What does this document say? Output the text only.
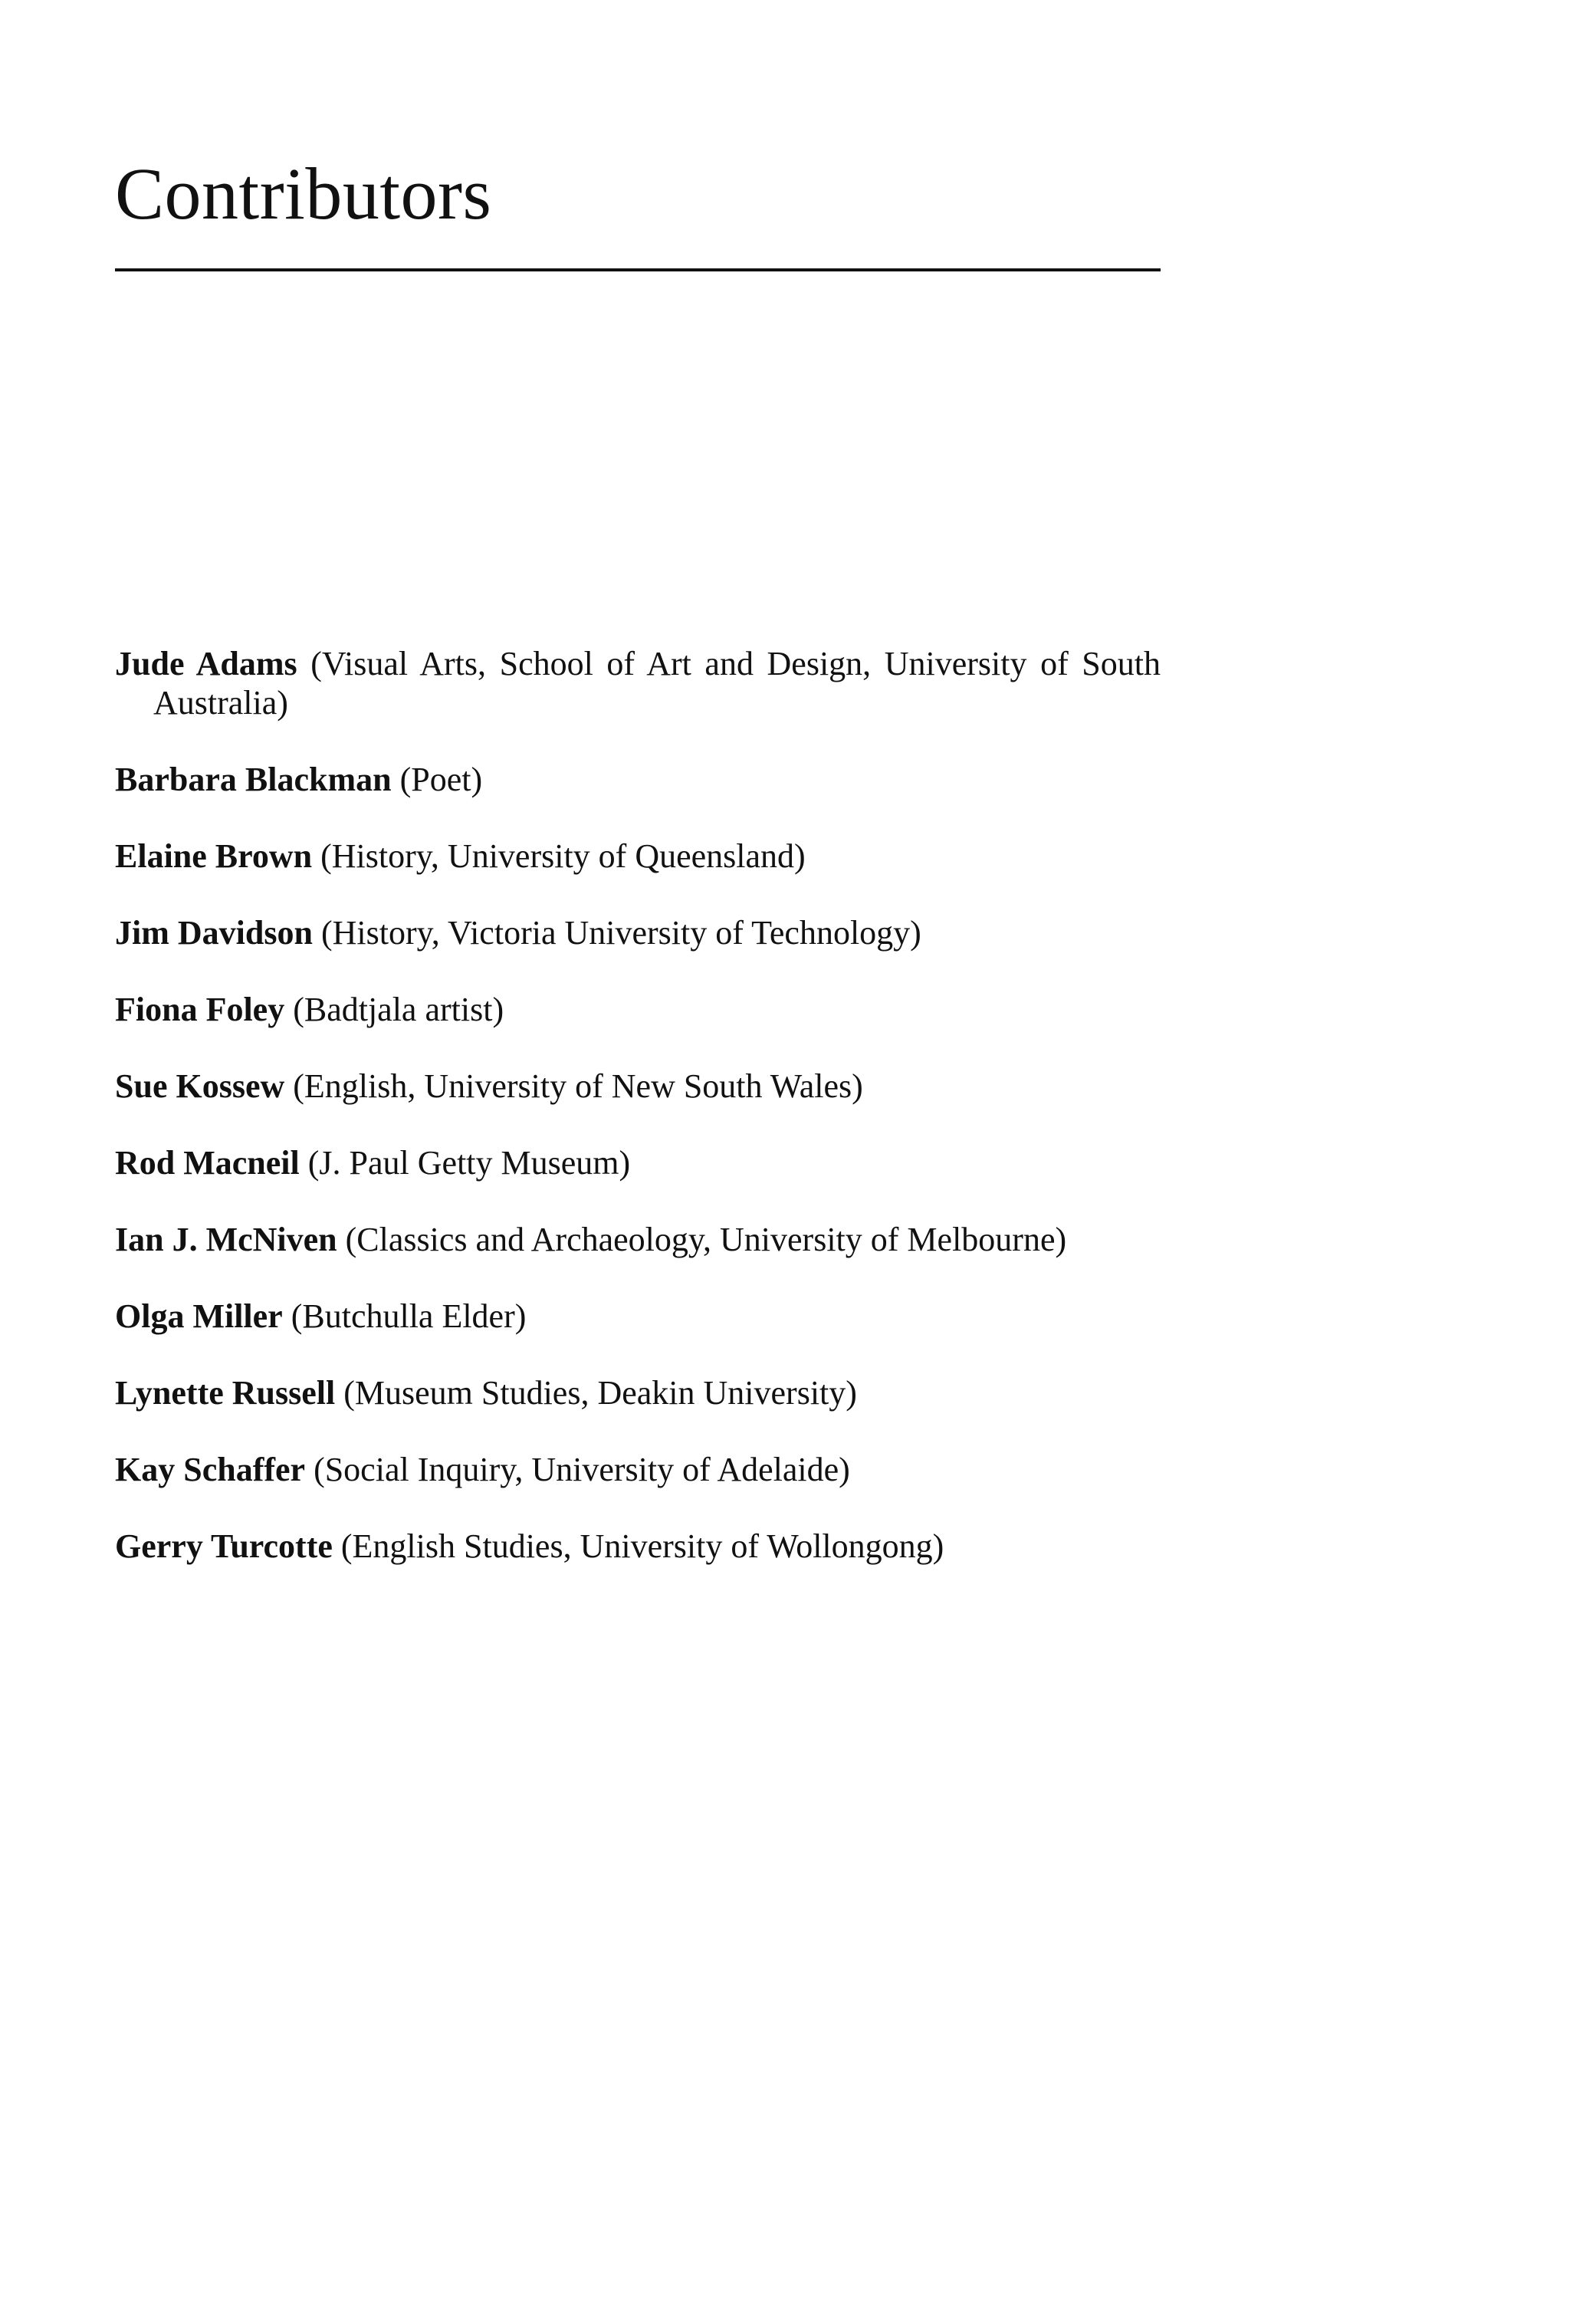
Contributors
Jude Adams (Visual Arts, School of Art and Design, University of South Australia)
Barbara Blackman (Poet)
Elaine Brown (History, University of Queensland)
Jim Davidson (History, Victoria University of Technology)
Fiona Foley (Badtjala artist)
Sue Kossew (English, University of New South Wales)
Rod Macneil (J. Paul Getty Museum)
Ian J. McNiven (Classics and Archaeology, University of Melbourne)
Olga Miller (Butchulla Elder)
Lynette Russell (Museum Studies, Deakin University)
Kay Schaffer (Social Inquiry, University of Adelaide)
Gerry Turcotte (English Studies, University of Wollongong)
